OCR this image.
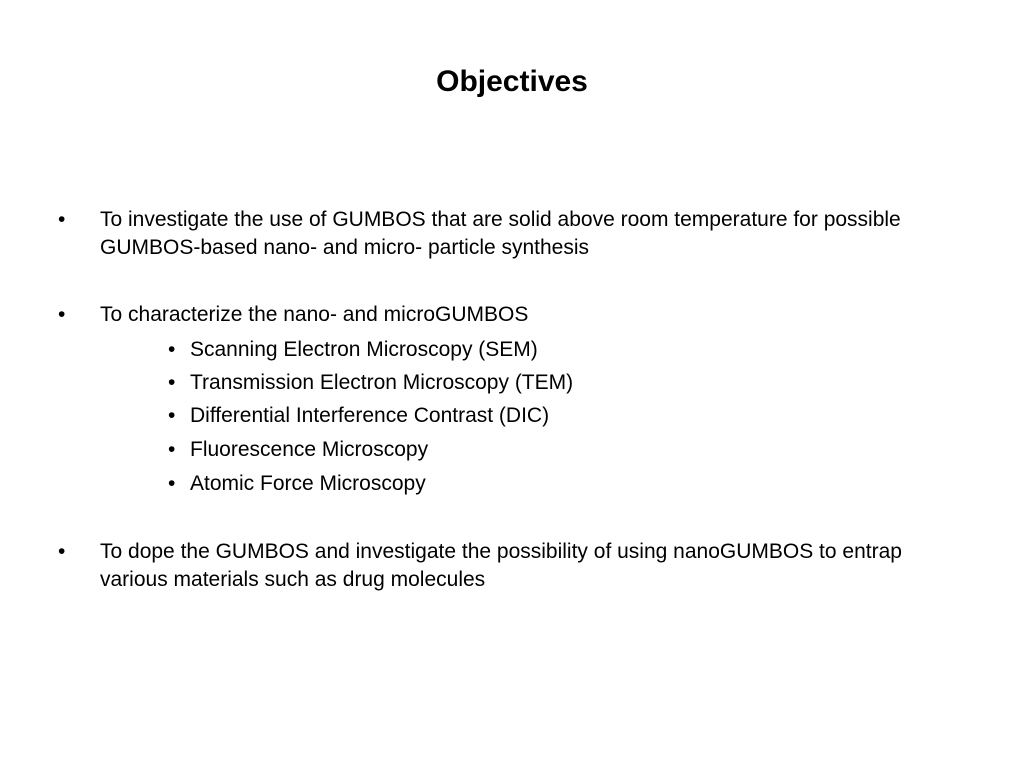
Objectives
• To investigate the use of GUMBOS that are solid above room temperature for possible GUMBOS-based nano- and micro- particle synthesis

• To characterize the nano- and microGUMBOS

• Scanning Electron Microscopy (SEM)
• Transmission Electron Microscopy (TEM)
• Differential Interference Contrast (DIC)
• Fluorescence Microscopy
• Atomic Force Microscopy
• To dope the GUMBOS and investigate the possibility of using nanoGUMBOS to entrap various materials such as drug molecules
